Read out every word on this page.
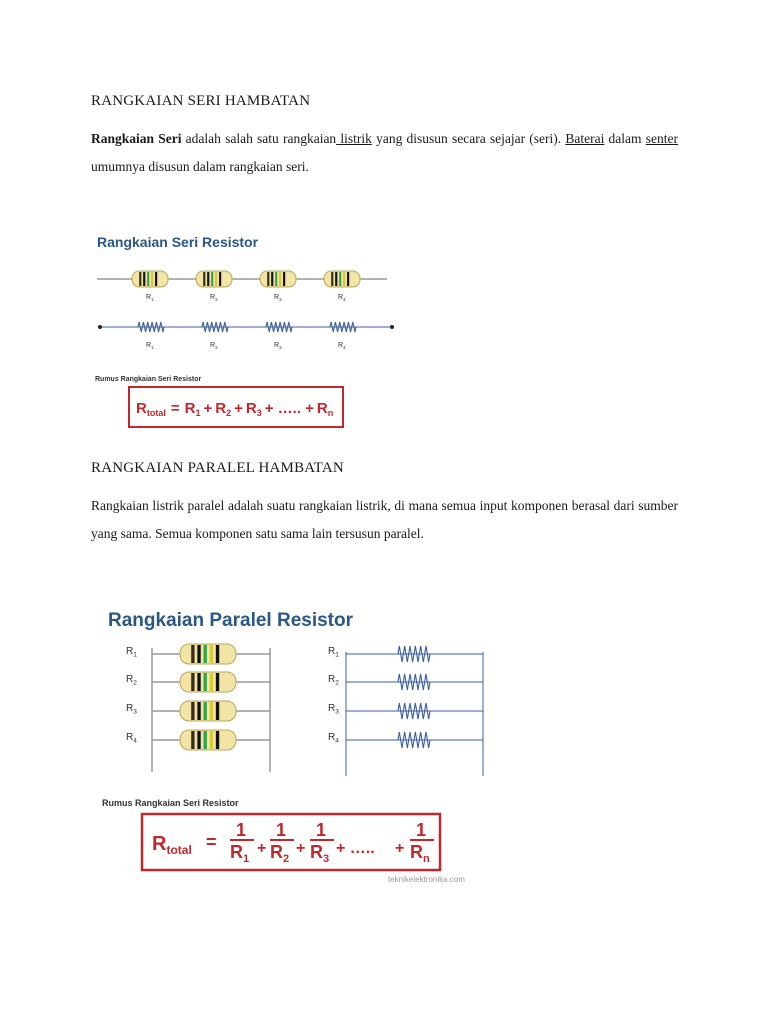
RANGKAIAN SERI HAMBATAN
Rangkaian Seri adalah salah satu rangkaian listrik yang disusun secara sejajar (seri). Baterai dalam senter umumnya disusun dalam rangkaian seri.
Rangkaian Seri Resistor
$R_1$	$R_2$	$R_3$	$R_4$
$R_1$	$R_2$	$R_3$	$R_4$
Rumus Rangkaian Seri Resistor
$R_{total} = R_1 + R_2 + R_3$ + ….. + $R_n$
RANGKAIAN PARALEL HAMBATAN
Rangkaian listrik paralel adalah suatu rangkaian listrik, di mana semua input komponen berasal dari sumber yang sama. Semua komponen satu sama lain tersusun paralel.
Rangkaian Paralel Resistor
$R_1$	$R_1$
$R_2$	$R_2$
$R_3$	$R_3$
$R_4$	$R_4$
Rumus Rangkaian Seri Resistor
$R_{total}$ =
1
$R_1$
1
$R_2$
1
$R_3$
1
$R_n$
+ + + ….. +
teknikelektronika.com
